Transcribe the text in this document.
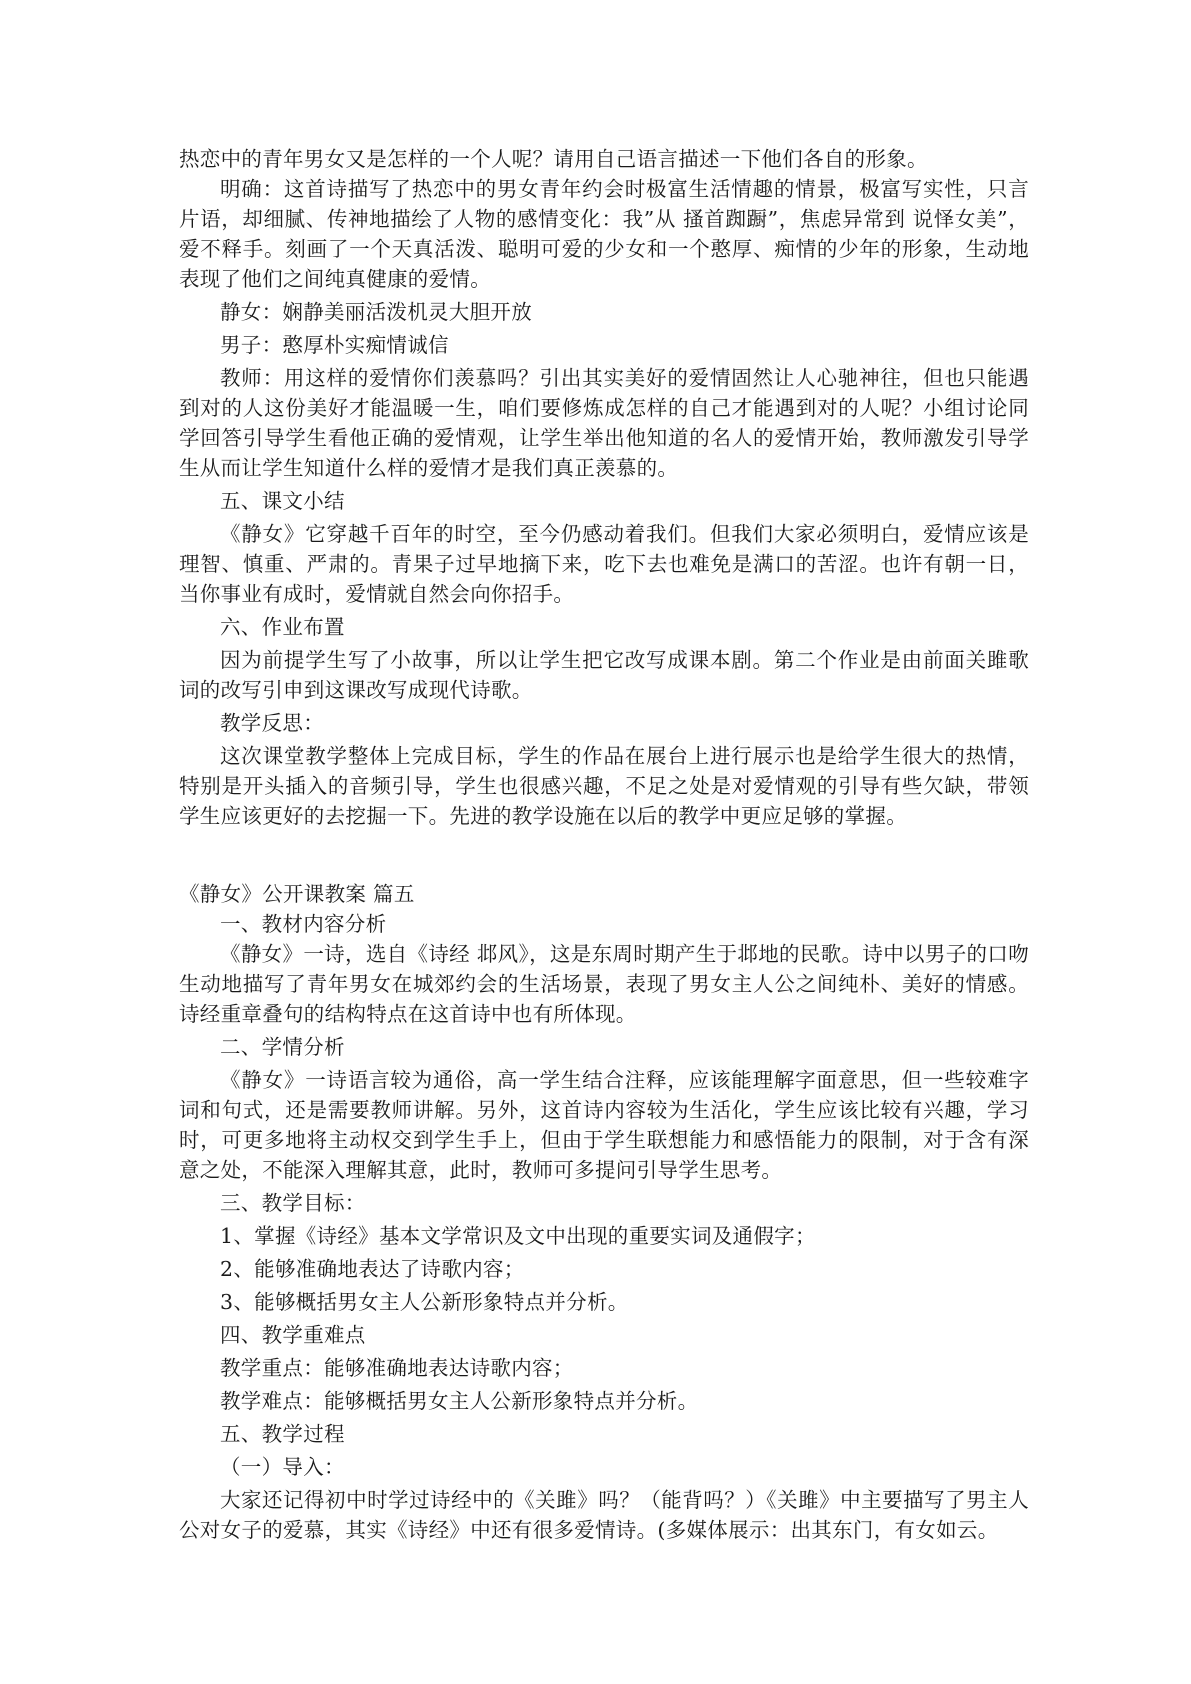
热恋中的青年男女又是怎样的一个人呢？请用自己语言描述一下他们各自的形象。

明确：这首诗描写了热恋中的男女青年约会时极富生活情趣的情景，极富写实性，只言片语，却细腻、传神地描绘了人物的感情变化：我”从 搔首踟蹰”，焦虑异常到 说怿女美”，爱不释手。刻画了一个天真活泼、聪明可爱的少女和一个憨厚、痴情的少年的形象，生动地表现了他们之间纯真健康的爱情。

静女：娴静美丽活泼机灵大胆开放

男子：憨厚朴实痴情诚信

教师：用这样的爱情你们羡慕吗？引出其实美好的爱情固然让人心驰神往，但也只能遇到对的人这份美好才能温暖一生，咱们要修炼成怎样的自己才能遇到对的人呢？小组讨论同学回答引导学生看他正确的爱情观，让学生举出他知道的名人的爱情开始，教师激发引导学生从而让学生知道什么样的爱情才是我们真正羡慕的。

五、课文小结

《静女》它穿越千百年的时空，至今仍感动着我们。但我们大家必须明白，爱情应该是理智、慎重、严肃的。青果子过早地摘下来，吃下去也难免是满口的苦涩。也许有朝一日，当你事业有成时，爱情就自然会向你招手。

六、作业布置

因为前提学生写了小故事，所以让学生把它改写成课本剧。第二个作业是由前面关雎歌词的改写引申到这课改写成现代诗歌。

教学反思：

这次课堂教学整体上完成目标，学生的作品在展台上进行展示也是给学生很大的热情，特别是开头插入的音频引导，学生也很感兴趣，不足之处是对爱情观的引导有些欠缺，带领学生应该更好的去挖掘一下。先进的教学设施在以后的教学中更应足够的掌握。

《静女》公开课教案 篇五

一、教材内容分析

《静女》一诗，选自《诗经 邶风》，这是东周时期产生于邶地的民歌。诗中以男子的口吻生动地描写了青年男女在城郊约会的生活场景，表现了男女主人公之间纯朴、美好的情感。诗经重章叠句的结构特点在这首诗中也有所体现。

二、学情分析

《静女》一诗语言较为通俗，高一学生结合注释，应该能理解字面意思，但一些较难字词和句式，还是需要教师讲解。另外，这首诗内容较为生活化，学生应该比较有兴趣，学习时，可更多地将主动权交到学生手上，但由于学生联想能力和感悟能力的限制，对于含有深意之处，不能深入理解其意，此时，教师可多提问引导学生思考。

三、教学目标：

1、掌握《诗经》基本文学常识及文中出现的重要实词及通假字；

2、能够准确地表达了诗歌内容；

3、能够概括男女主人公新形象特点并分析。

四、教学重难点

教学重点：能够准确地表达诗歌内容；

教学难点：能够概括男女主人公新形象特点并分析。

五、教学过程

（一）导入：

大家还记得初中时学过诗经中的《关雎》吗？（能背吗？）《关雎》中主要描写了男主人公对女子的爱慕，其实《诗经》中还有很多爱情诗。(多媒体展示：出其东门，有女如云。
